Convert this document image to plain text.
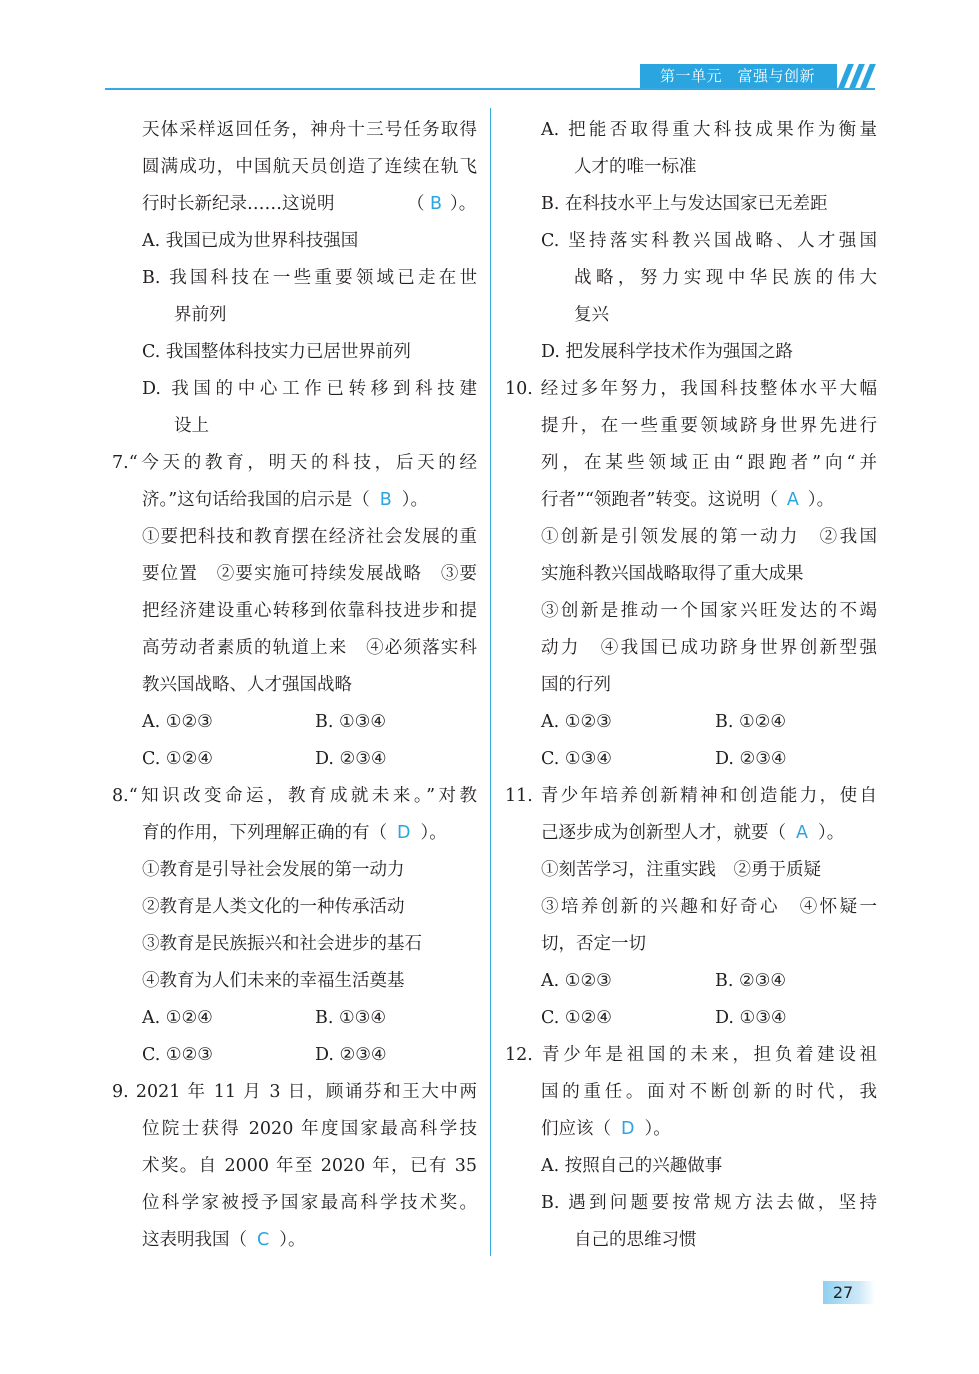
第一单元　富强与创新
天体采样返回任务，神舟十三号任务取得
圆满成功，中国航天员创造了连续在轨飞
行时长新纪录……这说明	（ B ）。
A. 我国已成为世界科技强国
B. 我国科技在一些重要领域已走在世
界前列
C. 我国整体科技实力已居世界前列
D. 我国的中心工作已转移到科技建
设上
7.“今天的教育，明天的科技，后天的经
济。”这句话给我国的启示是（ B ）。
①要把科技和教育摆在经济社会发展的重
要位置　②要实施可持续发展战略　③要
把经济建设重心转移到依靠科技进步和提
高劳动者素质的轨道上来　④必须落实科
教兴国战略、人才强国战略
A. ①②③	B. ①③④
C. ①②④	D. ②③④
8.“知识改变命运，教育成就未来。”对教
育的作用，下列理解正确的有（ D ）。
①教育是引导社会发展的第一动力
②教育是人类文化的一种传承活动
③教育是民族振兴和社会进步的基石
④教育为人们未来的幸福生活奠基
A. ①②④	B. ①③④
C. ①②③	D. ②③④
9. 2021 年 11 月 3 日，顾诵芬和王大中两
位院士获得 2020 年度国家最高科学技
术奖。自 2000 年至 2020 年，已有 35
位科学家被授予国家最高科学技术奖。
这表明我国（ C ）。
A. 把能否取得重大科技成果作为衡量
人才的唯一标准
B. 在科技水平上与发达国家已无差距
C. 坚持落实科教兴国战略、人才强国
战略，努力实现中华民族的伟大
复兴
D. 把发展科学技术作为强国之路
10. 经过多年努力，我国科技整体水平大幅
提升，在一些重要领域跻身世界先进行
列，在某些领域正由“跟跑者”向“并
行者”“领跑者”转变。这说明（ A ）。
①创新是引领发展的第一动力　②我国
实施科教兴国战略取得了重大成果
③创新是推动一个国家兴旺发达的不竭
动力　④我国已成功跻身世界创新型强
国的行列
A. ①②③	B. ①②④
C. ①③④	D. ②③④
11. 青少年培养创新精神和创造能力，使自
己逐步成为创新型人才，就要（ A ）。
①刻苦学习，注重实践　②勇于质疑
③培养创新的兴趣和好奇心　④怀疑一
切，否定一切
A. ①②③	B. ②③④
C. ①②④	D. ①③④
12. 青少年是祖国的未来，担负着建设祖
国的重任。面对不断创新的时代，我
们应该（ D ）。
A. 按照自己的兴趣做事
B. 遇到问题要按常规方法去做，坚持
自己的思维习惯
27
